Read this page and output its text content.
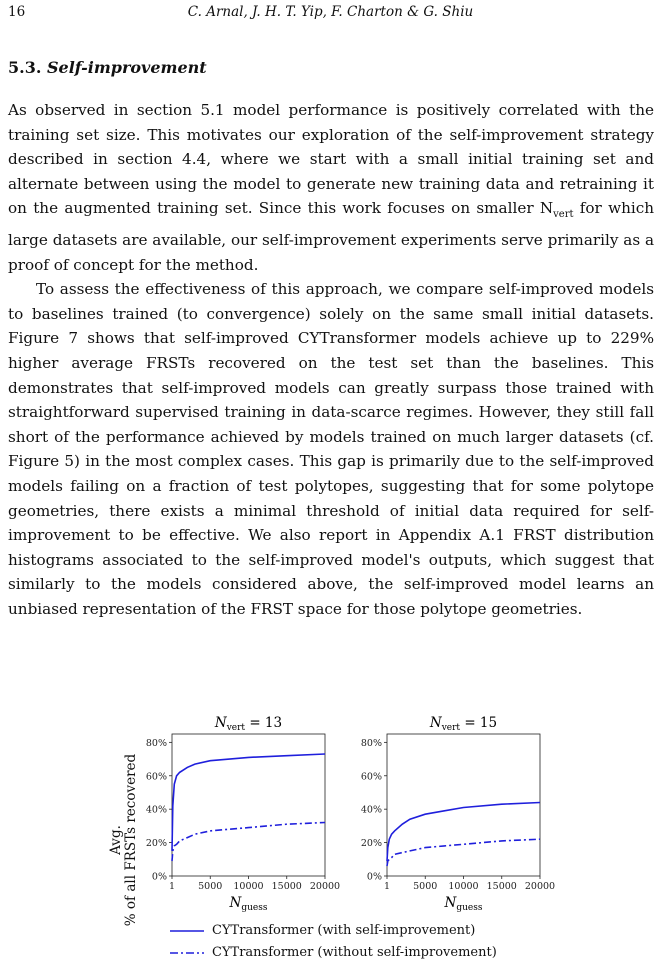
16	C. Arnal, J. H. T. Yip, F. Charton & G. Shiu
5.3. Self-improvement

As observed in section 5.1 model performance is positively correlated with the training set size. This motivates our exploration of the self-improvement strategy described in section 4.4, where we start with a small initial training set and alternate between using the model to generate new training data and retraining it on the augmented training set. Since this work focuses on smaller $N_{vert}$ for which large datasets are available, our self-improvement experiments serve primarily as a proof of concept for the method.

To assess the effectiveness of this approach, we compare self-improved models to baselines trained (to convergence) solely on the same small initial datasets. Figure 7 shows that self-improved CYTransformer models achieve up to 229% higher average FRSTs recovered on the test set than the baselines. This demonstrates that self-improved models can greatly surpass those trained with straightforward supervised training in data-scarce regimes. However, they still fall short of the performance achieved by models trained on much larger datasets (cf. Figure 5) in the most complex cases. This gap is primarily due to the self-improved models failing on a fraction of test polytopes, suggesting that for some polytope geometries, there exists a minimal threshold of initial data required for self-improvement to be effective. We also report in Appendix A.1 FRST distribution histograms associated to the self-improved model's outputs, which suggest that similarly to the models considered above, the self-improved model learns an unbiased representation of the FRST space for those polytope geometries.

Avg. % of all FRSTs recovered
$N_{vert} = 13$
0%
20%
40%
60%
80%
1 5000 10000 15000 20000
$N_{guess}$
$N_{vert} = 15$
0%
20%
40%
60%
80%
1 5000 10000 15000 20000
$N_{guess}$
CYTransformer (with self-improvement)
CYTransformer (without self-improvement)
